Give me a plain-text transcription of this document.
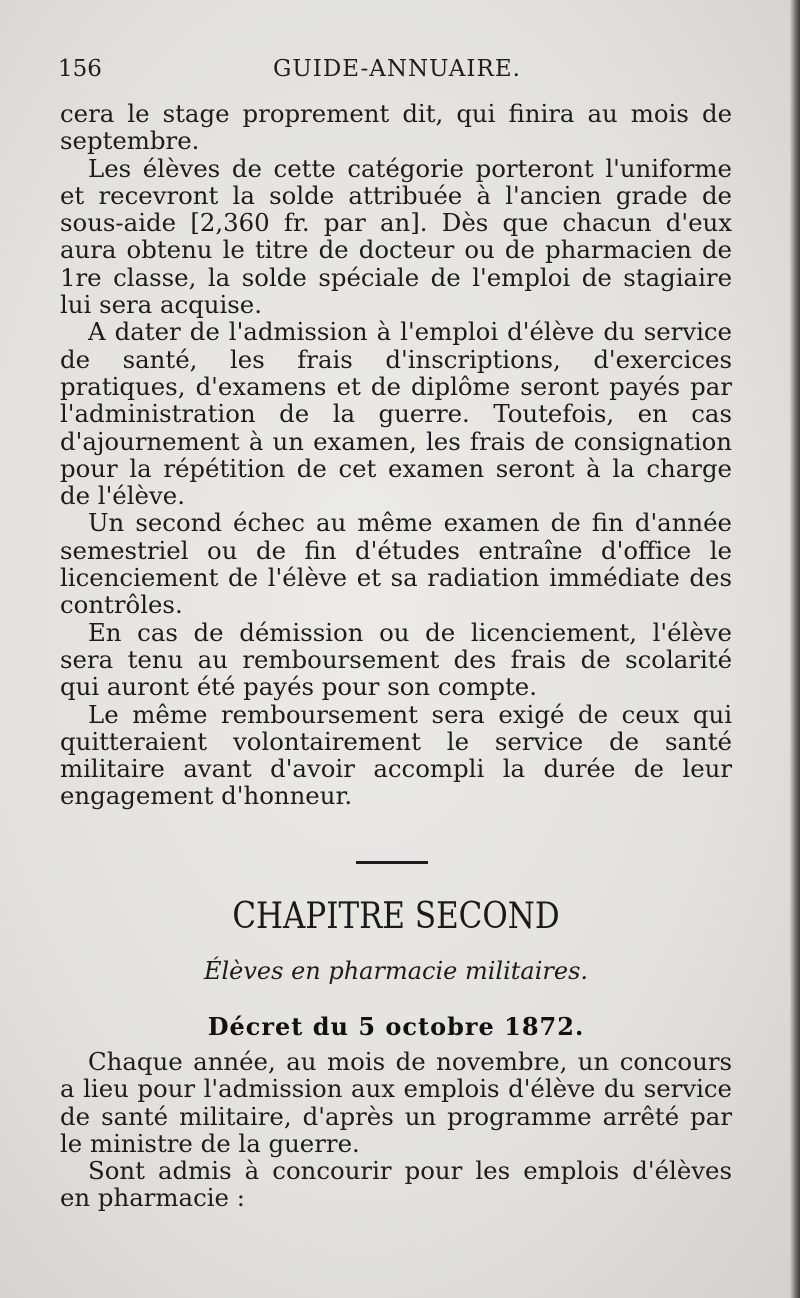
156	GUIDE-ANNUAIRE.

cera le stage proprement dit, qui finira au mois de septembre.

Les élèves de cette catégorie porteront l'uniforme et recevront la solde attribuée à l'ancien grade de sous-aide [2,360 fr. par an]. Dès que chacun d'eux aura obtenu le titre de docteur ou de pharmacien de 1re classe, la solde spéciale de l'emploi de stagiaire lui sera acquise.

A dater de l'admission à l'emploi d'élève du service de santé, les frais d'inscriptions, d'exercices pratiques, d'examens et de diplôme seront payés par l'administration de la guerre. Toutefois, en cas d'ajournement à un examen, les frais de consignation pour la répétition de cet examen seront à la charge de l'élève.

Un second échec au même examen de fin d'année semestriel ou de fin d'études entraîne d'office le licenciement de l'élève et sa radiation immédiate des contrôles.

En cas de démission ou de licenciement, l'élève sera tenu au remboursement des frais de scolarité qui auront été payés pour son compte.

Le même remboursement sera exigé de ceux qui quitteraient volontairement le service de santé militaire avant d'avoir accompli la durée de leur engagement d'honneur.

CHAPITRE SECOND
Élèves en pharmacie militaires.
Décret du 5 octobre 1872.

Chaque année, au mois de novembre, un concours a lieu pour l'admission aux emplois d'élève du service de santé militaire, d'après un programme arrêté par le ministre de la guerre.

Sont admis à concourir pour les emplois d'élèves en pharmacie :
